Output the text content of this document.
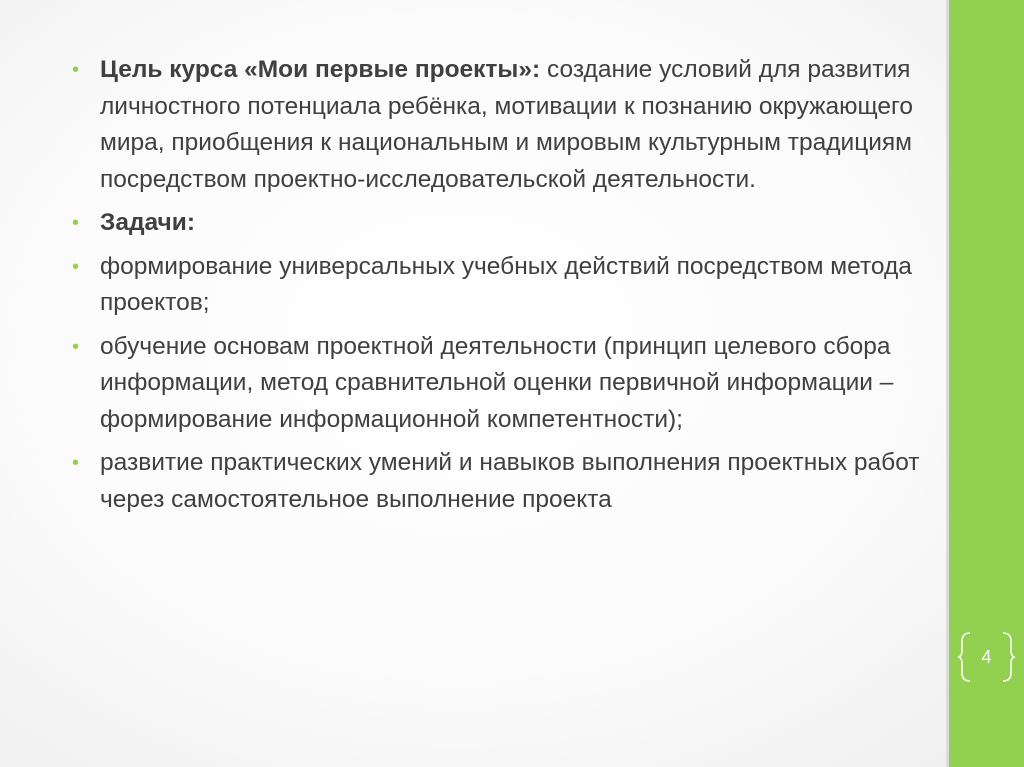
• Цель курса «Мои первые проекты»: создание условий для развития личностного потенциала ребёнка, мотивации к познанию окружающего мира, приобщения к национальным и мировым культурным традициям посредством проектно-исследовательской деятельности.
• Задачи:
• формирование универсальных учебных действий посредством метода проектов;
• обучение основам проектной деятельности (принцип целевого сбора информации, метод сравнительной оценки первичной информации – формирование информационной компетентности);
• развитие практических умений и навыков выполнения проектных работ через самостоятельное выполнение проекта
4
